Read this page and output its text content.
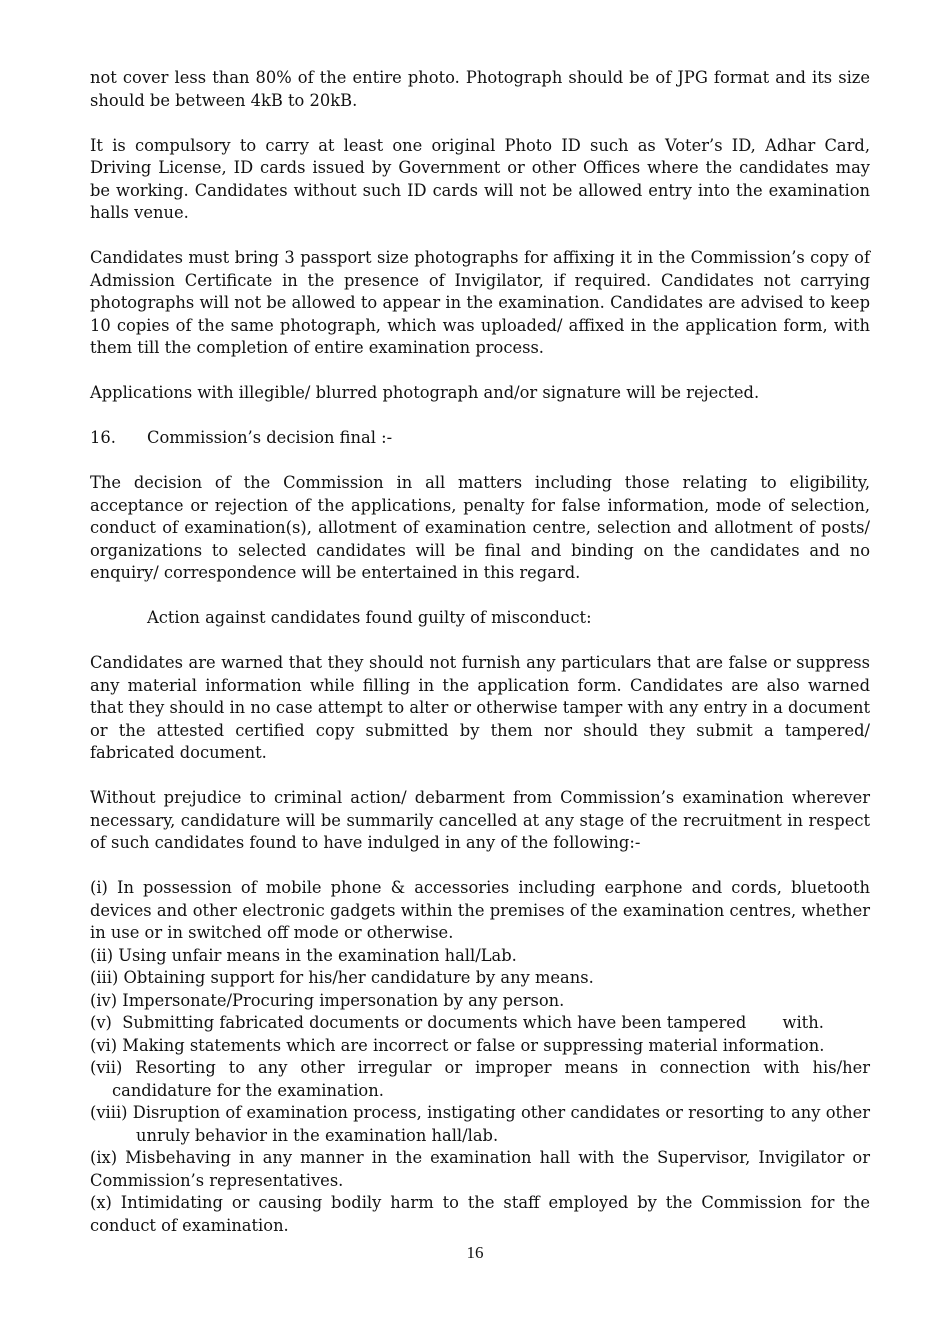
not cover less than 80% of the entire photo. Photograph should be of JPG format and its size should be between 4kB to 20kB.

It is compulsory to carry at least one original Photo ID such as Voter’s ID, Adhar Card, Driving License, ID cards issued by Government or other Offices where the candidates may be working. Candidates without such ID cards will not be allowed entry into the examination halls venue.

Candidates must bring 3 passport size photographs for affixing it in the Commission’s copy of Admission Certificate in the presence of Invigilator, if required. Candidates not carrying photographs will not be allowed to appear in the examination. Candidates are advised to keep 10 copies of the same photograph, which was uploaded/ affixed in the application form, with them till the completion of entire examination process.

Applications with illegible/ blurred photograph and/or signature will be rejected.

16.	Commission’s decision final :-

The decision of the Commission in all matters including those relating to eligibility, acceptance or rejection of the applications, penalty for false information, mode of selection, conduct of examination(s), allotment of examination centre, selection and allotment of posts/ organizations to selected candidates will be final and binding on the candidates and no enquiry/ correspondence will be entertained in this regard.

Action against candidates found guilty of misconduct:

Candidates are warned that they should not furnish any particulars that are false or suppress any material information while filling in the application form. Candidates are also warned that they should in no case attempt to alter or otherwise tamper with any entry in a document or the attested certified copy submitted by them nor should they submit a tampered/ fabricated document.

Without prejudice to criminal action/ debarment from Commission’s examination wherever necessary, candidature will be summarily cancelled at any stage of the recruitment in respect of such candidates found to have indulged in any of the following:-

(i) In possession of mobile phone & accessories including earphone and cords, bluetooth devices and other electronic gadgets within the premises of the examination centres, whether in use or in switched off mode or otherwise.

(ii) Using unfair means in the examination hall/Lab.

(iii) Obtaining support for his/her candidature by any means.

(iv) Impersonate/Procuring impersonation by any person.

(v)  Submitting fabricated documents or documents which have been tampered       with.

(vi) Making statements which are incorrect or false or suppressing material information.

(vii) Resorting to any other irregular or improper means in connection with his/her candidature for the examination.

(viii) Disruption of examination process, instigating other candidates or resorting to any other unruly behavior in the examination hall/lab.

(ix) Misbehaving in any manner in the examination hall with the Supervisor, Invigilator or Commission’s representatives.

(x) Intimidating or causing bodily harm to the staff employed by the Commission for the conduct of examination.

16
